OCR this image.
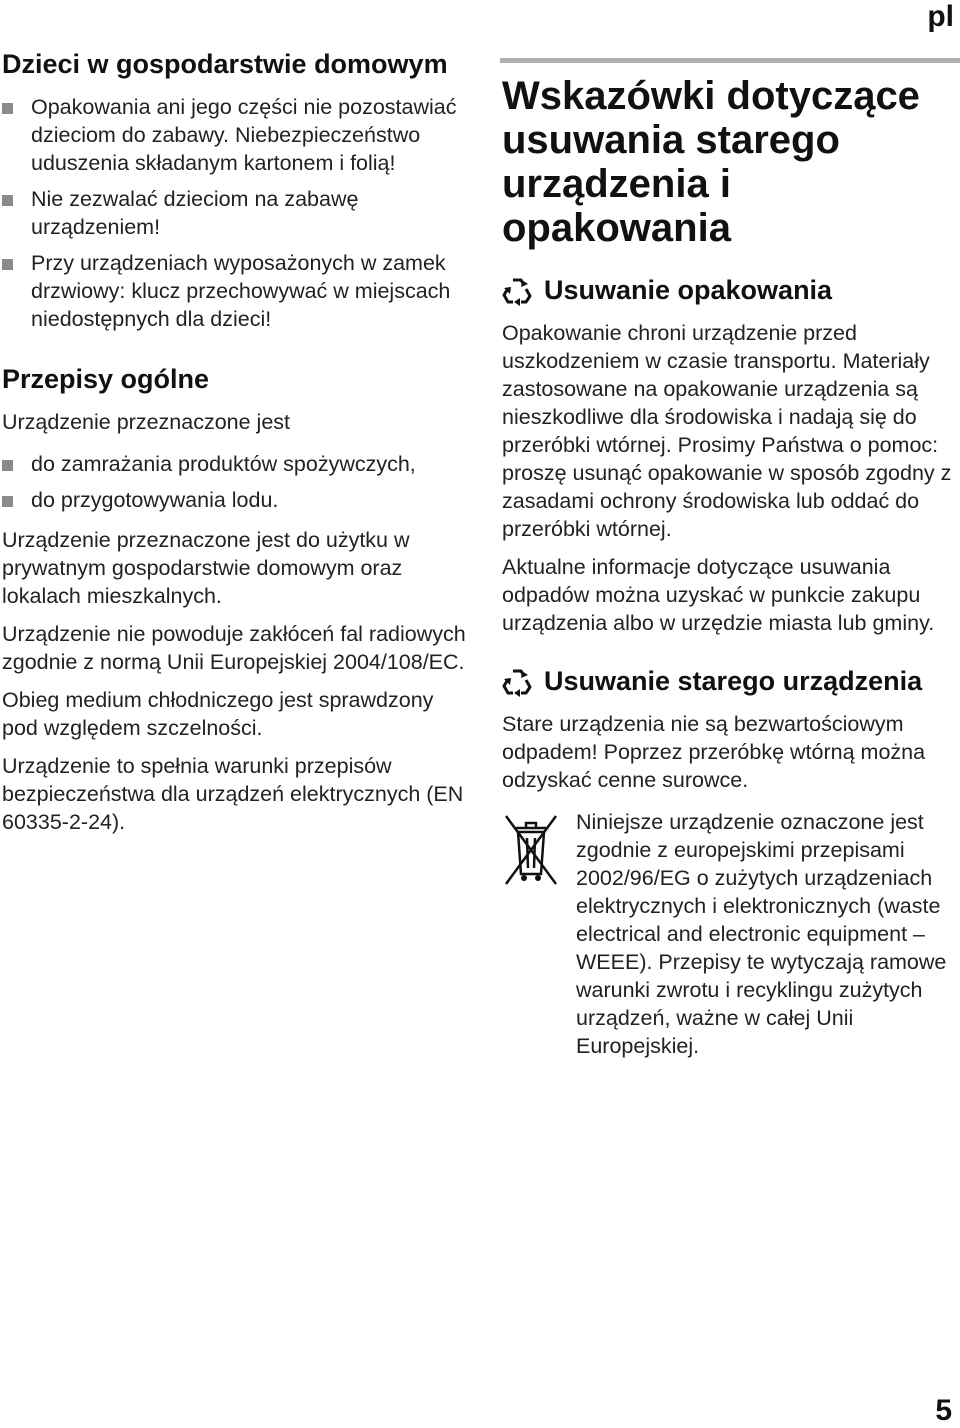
pl
Dzieci w gospodarstwie domowym
Opakowania ani jego części nie pozostawiać dzieciom do zabawy. Niebezpieczeństwo uduszenia składanym kartonem i folią!
Nie zezwalać dzieciom na zabawę urządzeniem!
Przy urządzeniach wyposażonych w zamek drzwiowy: klucz przechowywać w miejscach niedostępnych dla dzieci!
Przepisy ogólne

Urządzenie przeznaczone jest

do zamrażania produktów spożywczych,
do przygotowywania lodu.

Urządzenie przeznaczone jest do użytku w prywatnym gospodarstwie domowym oraz lokalach mieszkalnych.

Urządzenie nie powoduje zakłóceń fal radiowych zgodnie z normą Unii Europejskiej 2004/108/EC.

Obieg medium chłodniczego jest sprawdzony pod względem szczelności.

Urządzenie to spełnia warunki przepisów bezpieczeństwa dla urządzeń elektrycznych (EN 60335-2-24).

Wskazówki dotyczące usuwania starego urządzenia i opakowania
Usuwanie opakowania

Opakowanie chroni urządzenie przed uszkodzeniem w czasie transportu. Materiały zastosowane na opakowanie urządzenia są nieszkodliwe dla środowiska i nadają się do przeróbki wtórnej. Prosimy Państwa o pomoc: proszę usunąć opakowanie w sposób zgodny z zasadami ochrony środowiska lub oddać do przeróbki wtórnej.

Aktualne informacje dotyczące usuwania odpadów można uzyskać w punkcie zakupu urządzenia albo w urzędzie miasta lub gminy.

Usuwanie starego urządzenia

Stare urządzenia nie są bezwartościowym odpadem! Poprzez przeróbkę wtórną można odzyskać cenne surowce.

Niniejsze urządzenie oznaczone jest zgodnie z europejskimi przepisami 2002/96/EG o zużytych urządzeniach elektrycznych i elektronicznych (waste electrical and electronic equipment – WEEE). Przepisy te wytyczają ramowe warunki zwrotu i recyklingu zużytych urządzeń, ważne w całej Unii Europejskiej.

5
